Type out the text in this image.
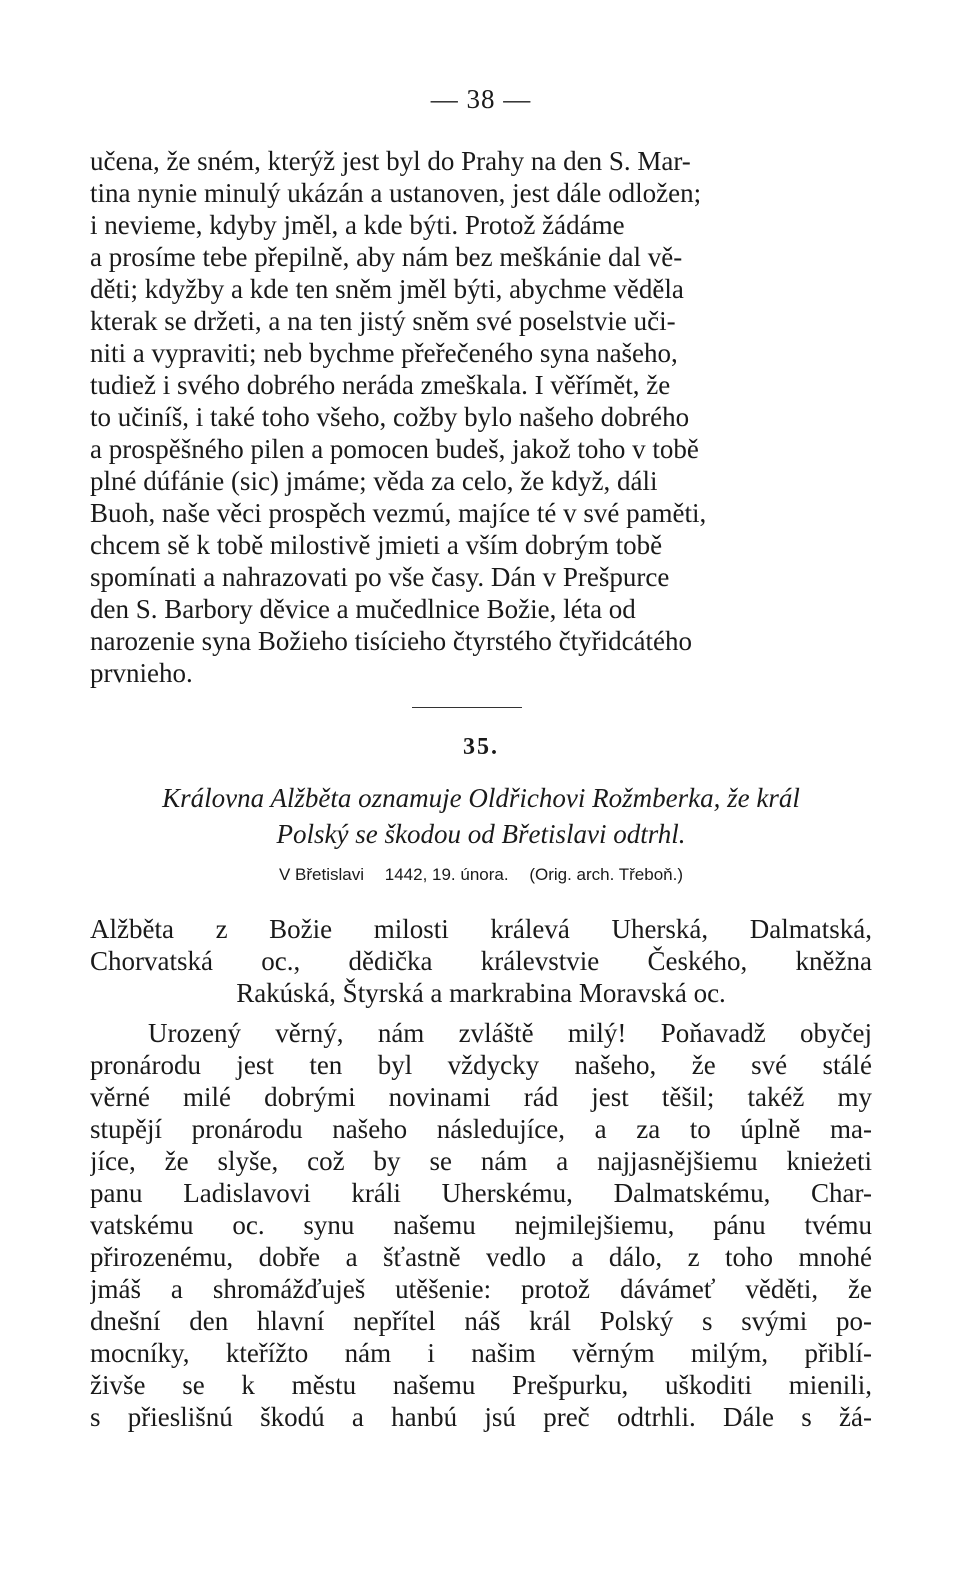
— 38 —

učena, že sném, kterýž jest byl do Prahy na den S. Mar-
tina nynie minulý ukázán a ustanoven, jest dále odložen;
i nevieme, kdyby jměl, a kde býti. Protož žádáme
a prosíme tebe přepilně, aby nám bez meškánie dal vě-
děti; kdyžby a kde ten sněm jměl býti, abychme věděla
kterak se držeti, a na ten jistý sněm své poselstvie uči-
niti a vypraviti; neb bychme přeřečeného syna našeho,
tudiež i svého dobrého neráda zmeškala. I věřímět, že
to učiníš, i také toho všeho, cožby bylo našeho dobrého
a prospěšného pilen a pomocen budeš, jakož toho v tobě
plné dúfánie (sic) jmáme; věda za celo, že když, dáli
Buoh, naše věci prospěch vezmú, majíce té v své paměti,
chcem sě k tobě milostivě jmieti a vším dobrým tobě
spomínati a nahrazovati po vše časy. Dán v Prešpurce
den S. Barbory děvice a mučedlnice Božie, léta od
narozenie syna Božieho tisícieho čtyrstého čtyřidcátého
prvnieho.

35.
Královna Alžběta oznamuje Oldřichovi Rožmberka, že král
Polský se škodou od Břetislavi odtrhl.
V Břetislavi 1442, 19. února. (Orig. arch. Třeboň.)

Alžběta z Božie milosti králevá Uherská, Dalmatská,
Chorvatská oc., dědička králevstvie Českého, kněžna
Rakúská, Štyrská a markrabina Moravská oc.

Urozený věrný, nám zvláště milý! Poňavadž obyčej
pronárodu jest ten byl vždycky našeho, že své stálé
věrné milé dobrými novinami rád jest těšil; takéž my
stupějí pronárodu našeho následujíce, a za to úplně ma-
jíce, že slyše, což by se nám a najjasnějšiemu knieżeti
panu Ladislavovi králi Uherskému, Dalmatskému, Char-
vatskému oc. synu našemu nejmilejšiemu, pánu tvému
přirozenému, dobře a šťastně vedlo a dálo, z toho mnohé
jmáš a shromážďuješ utěšenie: protož dávámeť věděti, že
dnešní den hlavní nepřítel náš král Polský s svými po-
mocníky, kteřížto nám i našim věrným milým, přiblí-
živše se k městu našemu Prešpurku, uškoditi mienili,
s přieslišnú škodú a hanbú jsú preč odtrhli. Dále s žá-
